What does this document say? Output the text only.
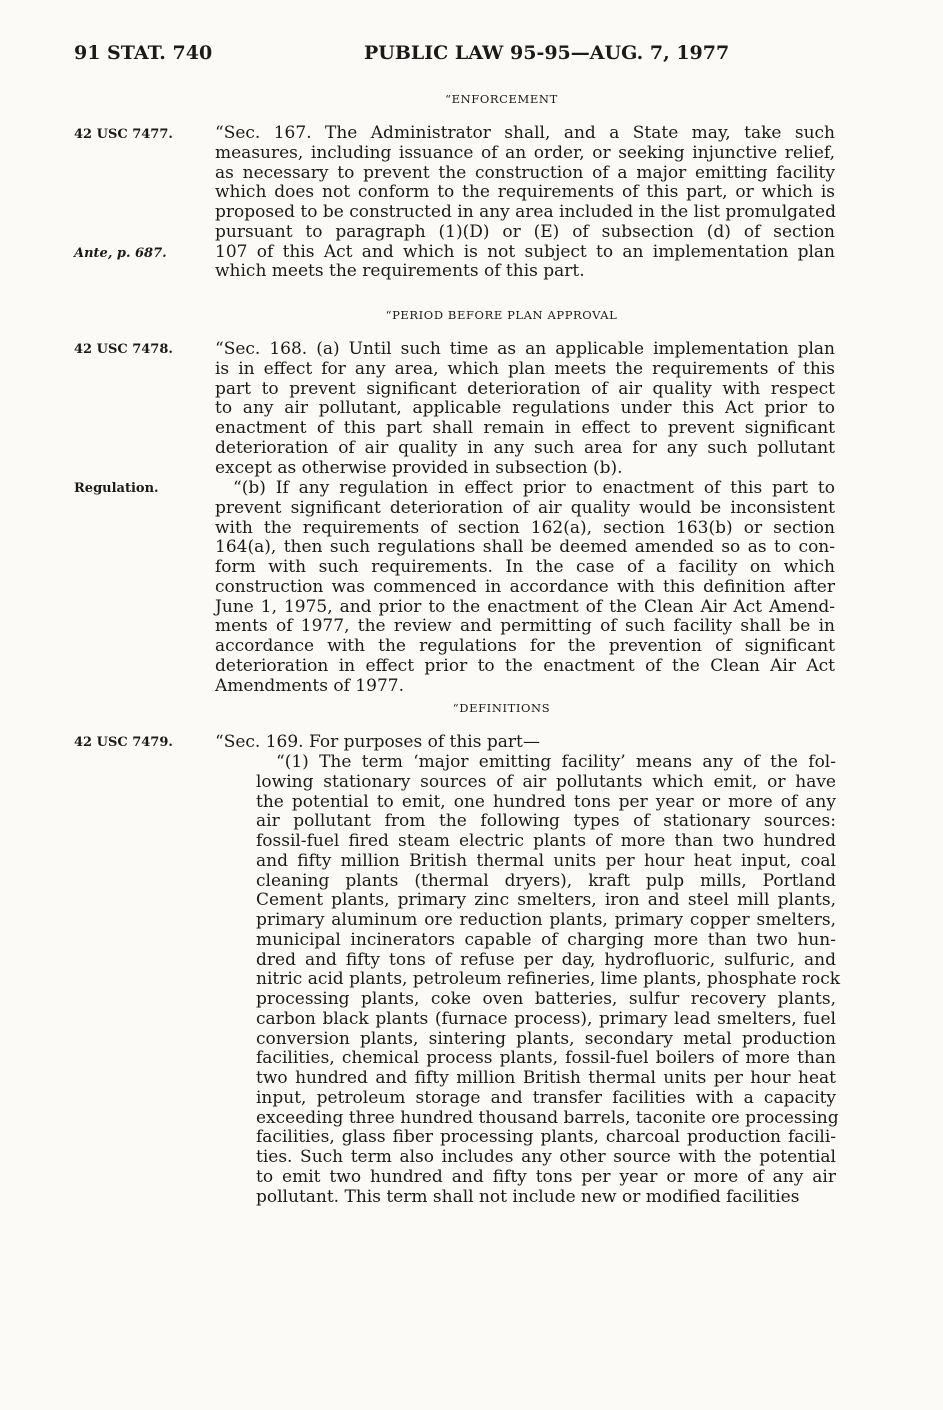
91 STAT. 740	PUBLIC LAW 95-95—AUG. 7, 1977
“ENFORCEMENT
42 USC 7477.
Ante, p. 687.
“Sec. 167. The Administrator shall, and a State may, take such
measures, including issuance of an order, or seeking injunctive relief,
as necessary to prevent the construction of a major emitting facility
which does not conform to the requirements of this part, or which is
proposed to be constructed in any area included in the list promulgated
pursuant to paragraph (1)(D) or (E) of subsection (d) of section
107 of this Act and which is not subject to an implementation plan
which meets the requirements of this part.
“PERIOD BEFORE PLAN APPROVAL
42 USC 7478.
Regulation.
“Sec. 168. (a) Until such time as an applicable implementation plan
is in effect for any area, which plan meets the requirements of this
part to prevent significant deterioration of air quality with respect
to any air pollutant, applicable regulations under this Act prior to
enactment of this part shall remain in effect to prevent significant
deterioration of air quality in any such area for any such pollutant
except as otherwise provided in subsection (b).
“(b) If any regulation in effect prior to enactment of this part to
prevent significant deterioration of air quality would be inconsistent
with the requirements of section 162(a), section 163(b) or section
164(a), then such regulations shall be deemed amended so as to con-
form with such requirements. In the case of a facility on which
construction was commenced in accordance with this definition after
June 1, 1975, and prior to the enactment of the Clean Air Act Amend-
ments of 1977, the review and permitting of such facility shall be in
accordance with the regulations for the prevention of significant
deterioration in effect prior to the enactment of the Clean Air Act
Amendments of 1977.
“DEFINITIONS
42 USC 7479. “Sec. 169. For purposes of this part—
“(1) The term ‘major emitting facility’ means any of the fol-
lowing stationary sources of air pollutants which emit, or have
the potential to emit, one hundred tons per year or more of any
air pollutant from the following types of stationary sources:
fossil-fuel fired steam electric plants of more than two hundred
and fifty million British thermal units per hour heat input, coal
cleaning plants (thermal dryers), kraft pulp mills, Portland
Cement plants, primary zinc smelters, iron and steel mill plants,
primary aluminum ore reduction plants, primary copper smelters,
municipal incinerators capable of charging more than two hun-
dred and fifty tons of refuse per day, hydrofluoric, sulfuric, and
nitric acid plants, petroleum refineries, lime plants, phosphate rock
processing plants, coke oven batteries, sulfur recovery plants,
carbon black plants (furnace process), primary lead smelters, fuel
conversion plants, sintering plants, secondary metal production
facilities, chemical process plants, fossil-fuel boilers of more than
two hundred and fifty million British thermal units per hour heat
input, petroleum storage and transfer facilities with a capacity
exceeding three hundred thousand barrels, taconite ore processing
facilities, glass fiber processing plants, charcoal production facili-
ties. Such term also includes any other source with the potential
to emit two hundred and fifty tons per year or more of any air
pollutant. This term shall not include new or modified facilities
